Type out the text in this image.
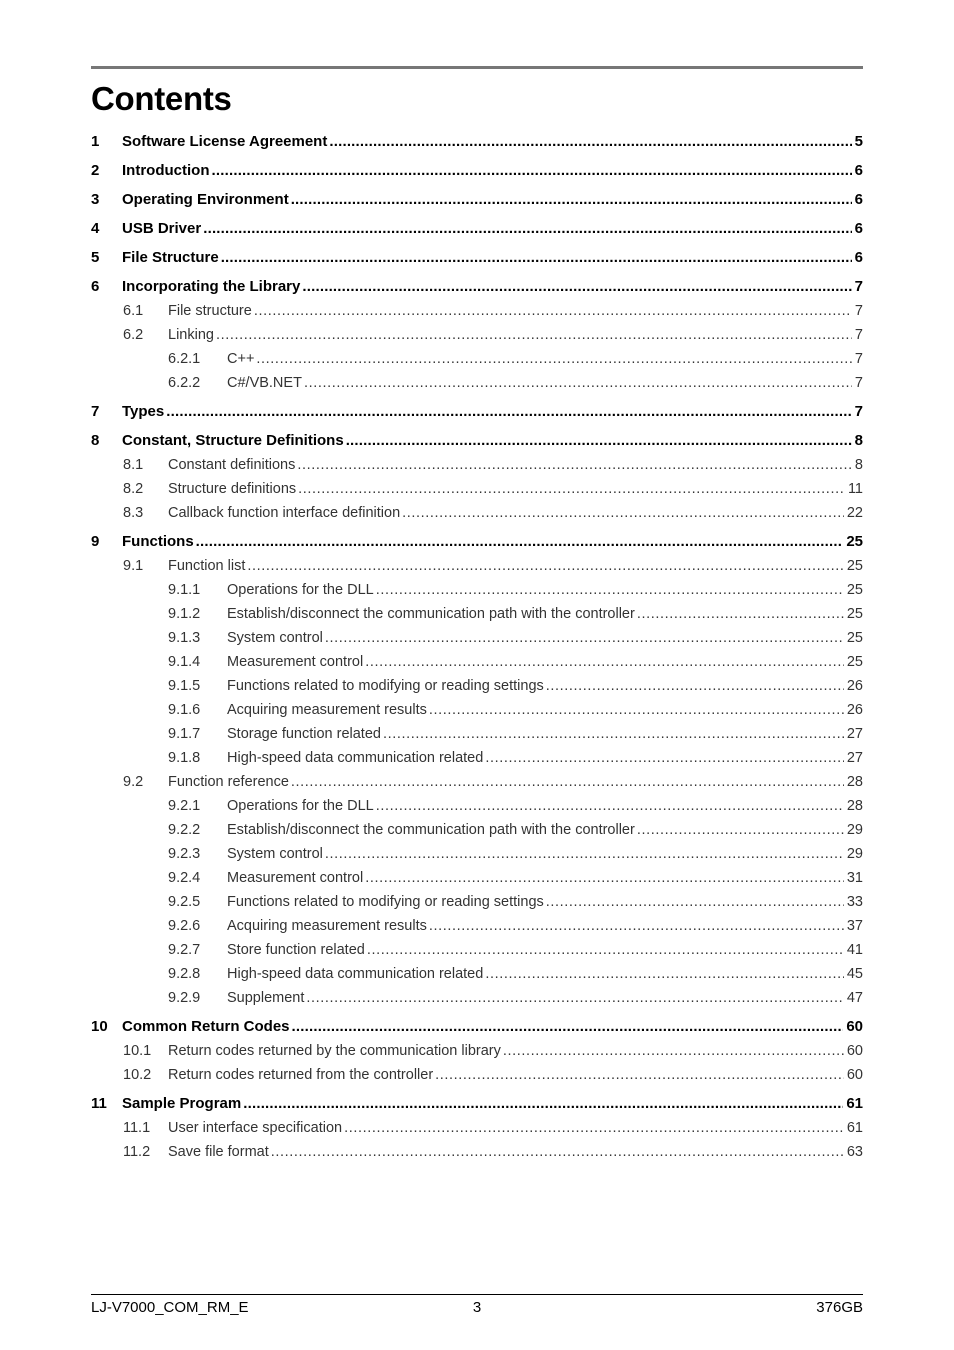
Contents
1 Software License Agreement .....	5
2 Introduction .....	6
3 Operating Environment .....	6
4 USB Driver .....	6
5 File Structure .....	6
6 Incorporating the Library .....	7
6.1 File structure .....	7
6.2 Linking .....	7
6.2.1 C++ .....	7
6.2.2 C#/VB.NET .....	7
7 Types .....	7
8 Constant, Structure Definitions .....	8
8.1 Constant definitions .....	8
8.2 Structure definitions .....	11
8.3 Callback function interface definition .....	22
9 Functions .....	25
9.1 Function list .....	25
9.1.1 Operations for the DLL .....	25
9.1.2 Establish/disconnect the communication path with the controller .....	25
9.1.3 System control .....	25
9.1.4 Measurement control .....	25
9.1.5 Functions related to modifying or reading settings .....	26
9.1.6 Acquiring measurement results .....	26
9.1.7 Storage function related .....	27
9.1.8 High-speed data communication related .....	27
9.2 Function reference .....	28
9.2.1 Operations for the DLL .....	28
9.2.2 Establish/disconnect the communication path with the controller .....	29
9.2.3 System control .....	29
9.2.4 Measurement control .....	31
9.2.5 Functions related to modifying or reading settings .....	33
9.2.6 Acquiring measurement results .....	37
9.2.7 Store function related .....	41
9.2.8 High-speed data communication related .....	45
9.2.9 Supplement .....	47
10 Common Return Codes .....	60
10.1 Return codes returned by the communication library .....	60
10.2 Return codes returned from the controller .....	60
11 Sample Program .....	61
11.1 User interface specification .....	61
11.2 Save file format .....	63
LJ-V7000_COM_RM_E	3	376GB
